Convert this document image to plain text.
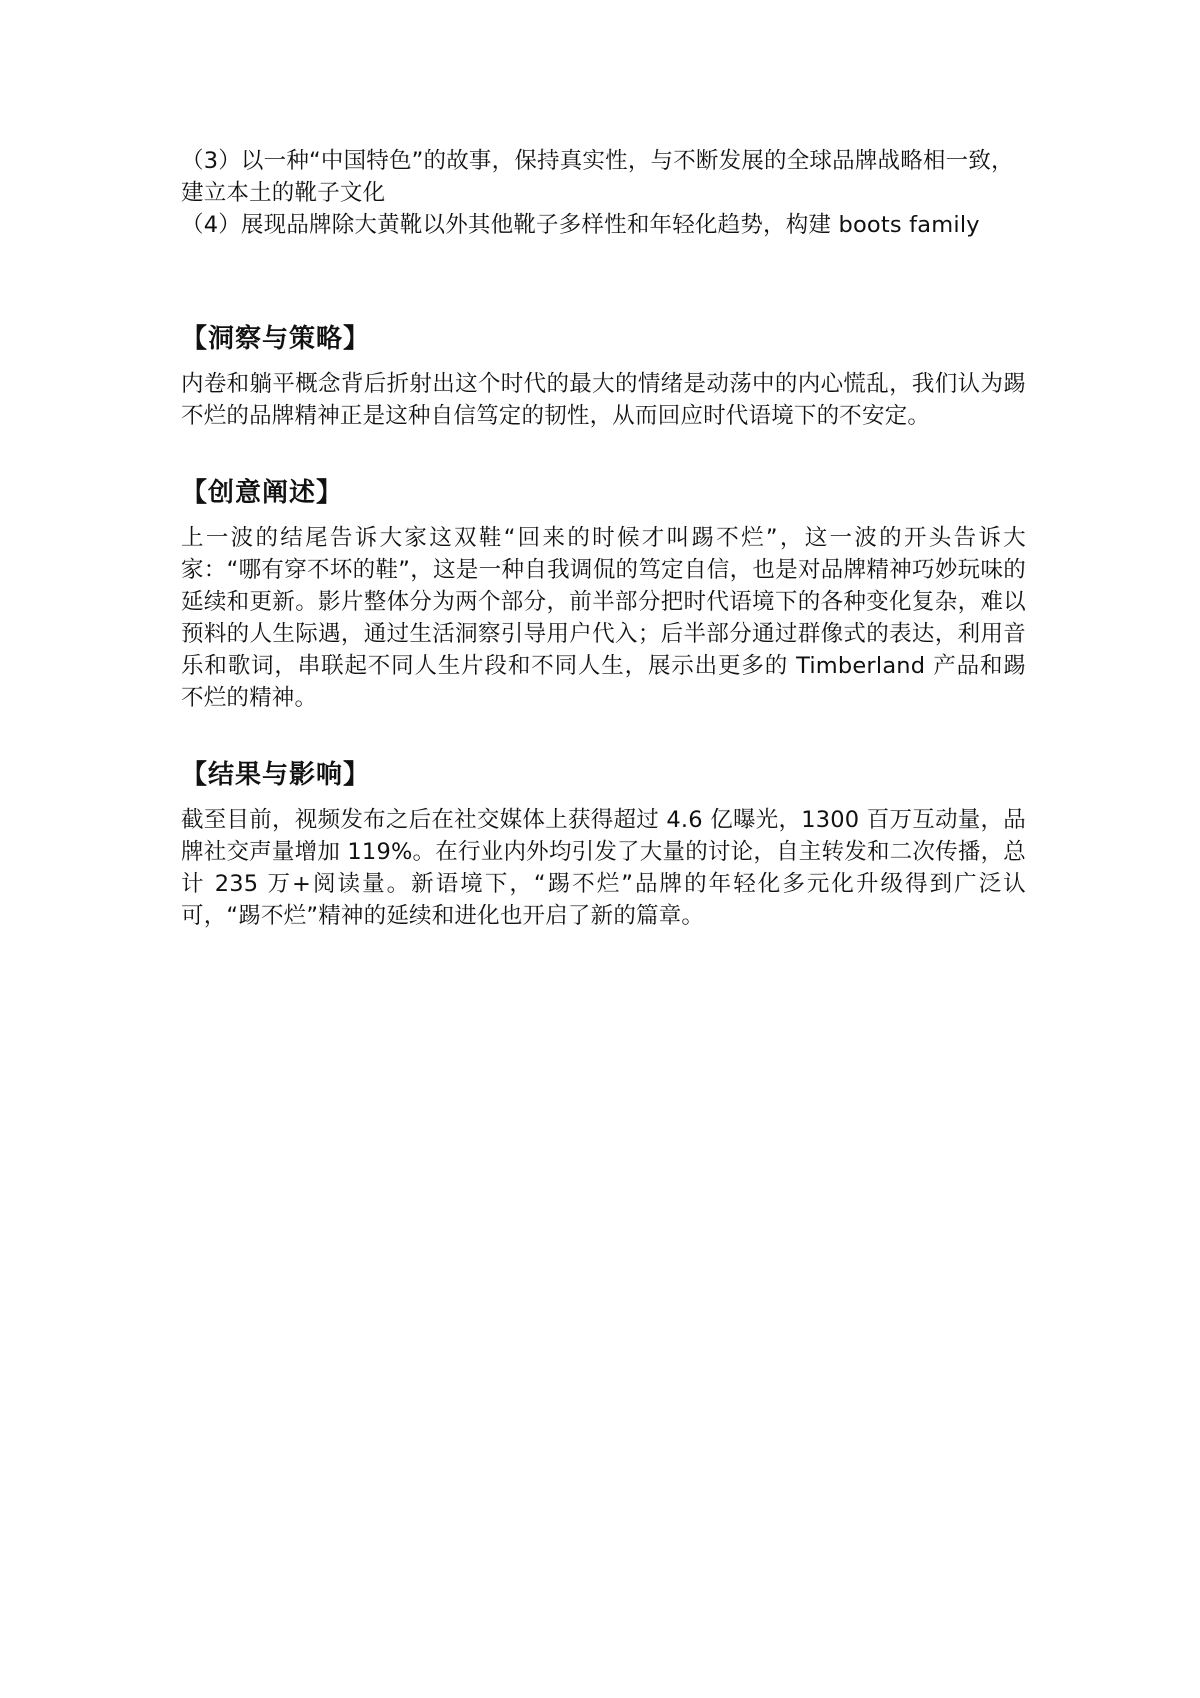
（3）以一种“中国特色”的故事，保持真实性，与不断发展的全球品牌战略相一致，建立本土的靴子文化

（4）展现品牌除大黄靴以外其他靴子多样性和年轻化趋势，构建 boots family

【洞察与策略】

内卷和躺平概念背后折射出这个时代的最大的情绪是动荡中的内心慌乱，我们认为踢不烂的品牌精神正是这种自信笃定的韧性，从而回应时代语境下的不安定。

【创意阐述】

上一波的结尾告诉大家这双鞋“回来的时候才叫踢不烂”，这一波的开头告诉大家：“哪有穿不坏的鞋”，这是一种自我调侃的笃定自信，也是对品牌精神巧妙玩味的延续和更新。影片整体分为两个部分，前半部分把时代语境下的各种变化复杂，难以预料的人生际遇，通过生活洞察引导用户代入；后半部分通过群像式的表达，利用音乐和歌词，串联起不同人生片段和不同人生，展示出更多的 Timberland 产品和踢不烂的精神。

【结果与影响】

截至目前，视频发布之后在社交媒体上获得超过 4.6 亿曝光，1300 百万互动量，品牌社交声量增加 119%。在行业内外均引发了大量的讨论，自主转发和二次传播，总计 235 万+阅读量。新语境下，“踢不烂”品牌的年轻化多元化升级得到广泛认可，“踢不烂”精神的延续和进化也开启了新的篇章。
